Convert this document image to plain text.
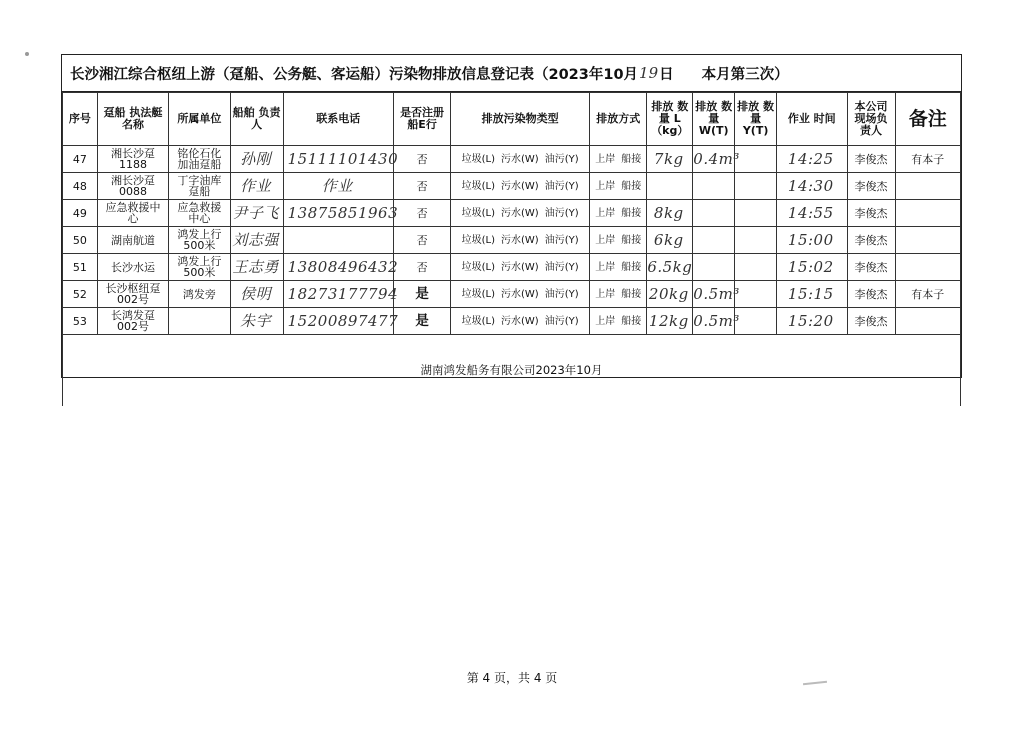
长沙湘江综合枢纽上游（趸船、公务艇、客运船）污染物排放信息登记表（2023年10月 19 日 本月第三次）
序号	趸船 执法艇名称	所属单位	船舶 负责人	联系电话	是否注册 船E行	排放污染物类型	排放方式	排放 数量 L（kg）	排放 数量 W(T)	排放 数量 Y(T)	作业 时间	本公司 现场负 责人	备注
47	湘长沙趸 1188	铭伦石化 加油趸船	孙刚	15111101430	否	垃圾(L) 污水(W) 油污(Y)	上岸 船接	7kg	0.4m³		14:25	李俊杰	有本子
48	湘长沙趸 0088	丁字油库 趸船	作业	作业	否	垃圾(L) 污水(W) 油污(Y)	上岸 船接				14:30	李俊杰	
49	应急救援中 心	应急救援 中心	尹子飞	13875851963	否	垃圾(L) 污水(W) 油污(Y)	上岸 船接	8kg			14:55	李俊杰	
50	湖南航道	鸿发上行 500米	刘志强		否	垃圾(L) 污水(W) 油污(Y)	上岸 船接	6kg			15:00	李俊杰	
51	长沙水运	鸿发上行 500米	王志勇	13808496432	否	垃圾(L) 污水(W) 油污(Y)	上岸 船接	6.5kg			15:02	李俊杰	
52	长沙枢纽趸 002号	鸿发旁	侯明	18273177794	是	垃圾(L) 污水(W) 油污(Y)	上岸 船接	20kg	0.5m³		15:15	李俊杰	有本子
53	长鸿发趸 002号		朱宇	15200897477	是	垃圾(L) 污水(W) 油污(Y)	上岸 船接	12kg	0.5m³		15:20	李俊杰	
湖南鸿发船务有限公司2023年10月													
第 4 页，共 4 页
